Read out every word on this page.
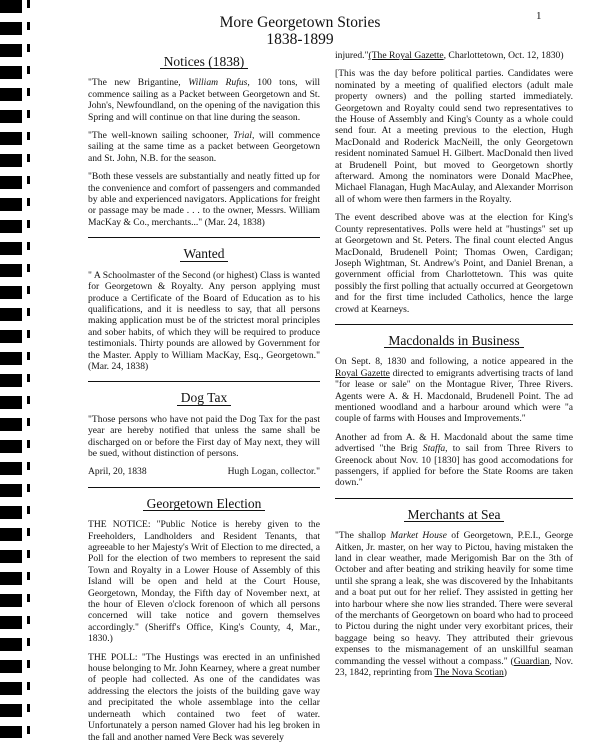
More Georgetown Stories
1838-1899
1
Notices (1838)

"The new Brigantine, William Rufus, 100 tons, will commence sailing as a Packet between Georgetown and St. John's, Newfoundland, on the opening of the navigation this Spring and will continue on that line during the season.

"The well-known sailing schooner, Trial, will commence sailing at the same time as a packet between Georgetown and St. John, N.B. for the season.

"Both these vessels are substantially and neatly fitted up for the convenience and comfort of passengers and commanded by able and experienced navigators. Applications for freight or passage may be made . . . to the owner, Messrs. William MacKay & Co., merchants..." (Mar. 24, 1838)

Wanted

" A Schoolmaster of the Second (or highest) Class is wanted for Georgetown & Royalty. Any person applying must produce a Certificate of the Board of Education as to his qualifications, and it is needless to say, that all persons making application must be of the strictest moral principles and sober habits, of which they will be required to produce testimonials. Thirty pounds are allowed by Government for the Master. Apply to William MacKay, Esq., Georgetown." (Mar. 24, 1838)

Dog Tax

"Those persons who have not paid the Dog Tax for the past year are hereby notified that unless the same shall be discharged on or before the First day of May next, they will be sued, without distinction of persons.

April, 20, 1838	Hugh Logan, collector."
Georgetown Election

THE NOTICE: "Public Notice is hereby given to the Freeholders, Landholders and Resident Tenants, that agreeable to her Majesty's Writ of Election to me directed, a Poll for the election of two members to represent the said Town and Royalty in a Lower House of Assembly of this Island will be open and held at the Court House, Georgetown, Monday, the Fifth day of November next, at the hour of Eleven o'clock forenoon of which all persons concerned will take notice and govern themselves accordingly." (Sheriff's Office, King's County, 4, Mar., 1830.)

THE POLL: "The Hustings was erected in an unfinished house belonging to Mr. John Kearney, where a great number of people had collected. As one of the candidates was addressing the electors the joists of the building gave way and precipitated the whole assemblage into the cellar underneath which contained two feet of water. Unfortunately a person named Glover had his leg broken in the fall and another named Vere Beck was severely

injured."(The Royal Gazette, Charlottetown, Oct. 12, 1830)

[This was the day before political parties. Candidates were nominated by a meeting of qualified electors (adult male property owners) and the polling started immediately. Georgetown and Royalty could send two representatives to the House of Assembly and King's County as a whole could send four. At a meeting previous to the election, Hugh MacDonald and Roderick MacNeill, the only Georgetown resident nominated Samuel H. Gilbert. MacDonald then lived at Brudenell Point, but moved to Georgetown shortly afterward. Among the nominators were Donald MacPhee, Michael Flanagan, Hugh MacAulay, and Alexander Morrison all of whom were then farmers in the Royalty.

The event described above was at the election for King's County representatives. Polls were held at "hustings" set up at Georgetown and St. Peters. The final count elected Angus MacDonald, Brudenell Point; Thomas Owen, Cardigan; Joseph Wightman, St. Andrew's Point, and Daniel Brenan, a government official from Charlottetown. This was quite possibly the first polling that actually occurred at Georgetown and for the first time included Catholics, hence the large crowd at Kearneys.

Macdonalds in Business

On Sept. 8, 1830 and following, a notice appeared in the Royal Gazette directed to emigrants advertising tracts of land "for lease or sale" on the Montague River, Three Rivers. Agents were A. & H. Macdonald, Brudenell Point. The ad mentioned woodland and a harbour around which were "a couple of farms with Houses and Improvements."

Another ad from A. & H. Macdonald about the same time advertised "the Brig Staffa, to sail from Three Rivers to Greenock about Nov. 10 [1830] has good accomodations for passengers, if applied for before the State Rooms are taken down."

Merchants at Sea

"The shallop Market House of Georgetown, P.E.I., George Aitken, Jr. master, on her way to Pictou, having mistaken the land in clear weather, made Merigomish Bar on the 3th of October and after beating and striking heavily for some time until she sprang a leak, she was discovered by the Inhabitants and a boat put out for her relief. They assisted in getting her into harbour where she now lies stranded. There were several of the merchants of Georgetown on board who had to proceed to Pictou during the night under very exorbitant prices, their baggage being so heavy. They attributed their grievous expenses to the mismanagement of an unskillful seaman commanding the vessel without a compass." (Guardian, Nov. 23, 1842, reprinting from The Nova Scotian)
